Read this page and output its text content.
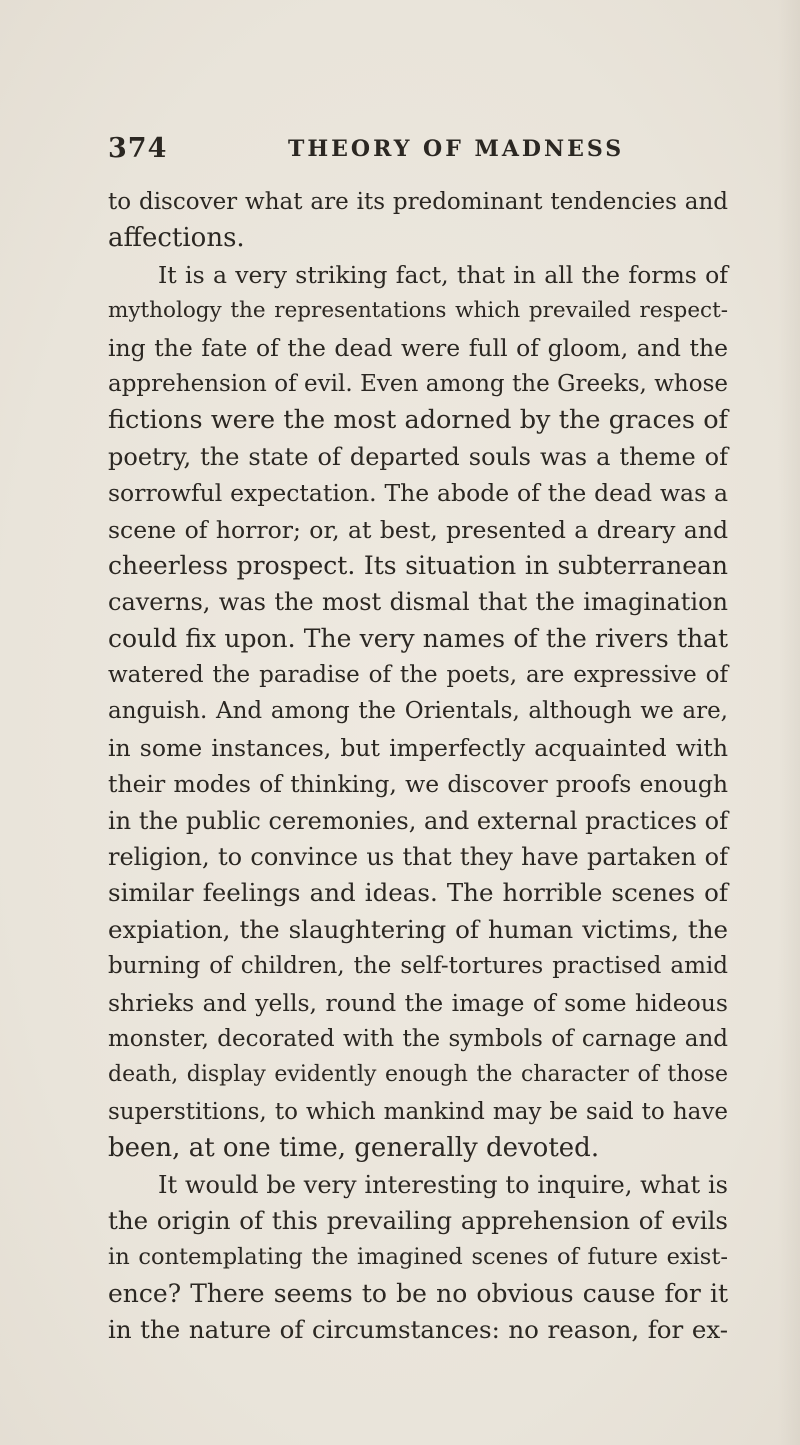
374	THEORY OF MADNESS
to discover what are its predominant tendencies and
affections.
It is a very striking fact, that in all the forms of
mythology the representations which prevailed respect-
ing the fate of the dead were full of gloom, and the
apprehension of evil. Even among the Greeks, whose
fictions were the most adorned by the graces of
poetry, the state of departed souls was a theme of
sorrowful expectation. The abode of the dead was a
scene of horror; or, at best, presented a dreary and
cheerless prospect. Its situation in subterranean
caverns, was the most dismal that the imagination
could fix upon. The very names of the rivers that
watered the paradise of the poets, are expressive of
anguish. And among the Orientals, although we are,
in some instances, but imperfectly acquainted with
their modes of thinking, we discover proofs enough
in the public ceremonies, and external practices of
religion, to convince us that they have partaken of
similar feelings and ideas. The horrible scenes of
expiation, the slaughtering of human victims, the
burning of children, the self-tortures practised amid
shrieks and yells, round the image of some hideous
monster, decorated with the symbols of carnage and
death, display evidently enough the character of those
superstitions, to which mankind may be said to have
been, at one time, generally devoted.
It would be very interesting to inquire, what is
the origin of this prevailing apprehension of evils
in contemplating the imagined scenes of future exist-
ence? There seems to be no obvious cause for it
in the nature of circumstances: no reason, for ex-
